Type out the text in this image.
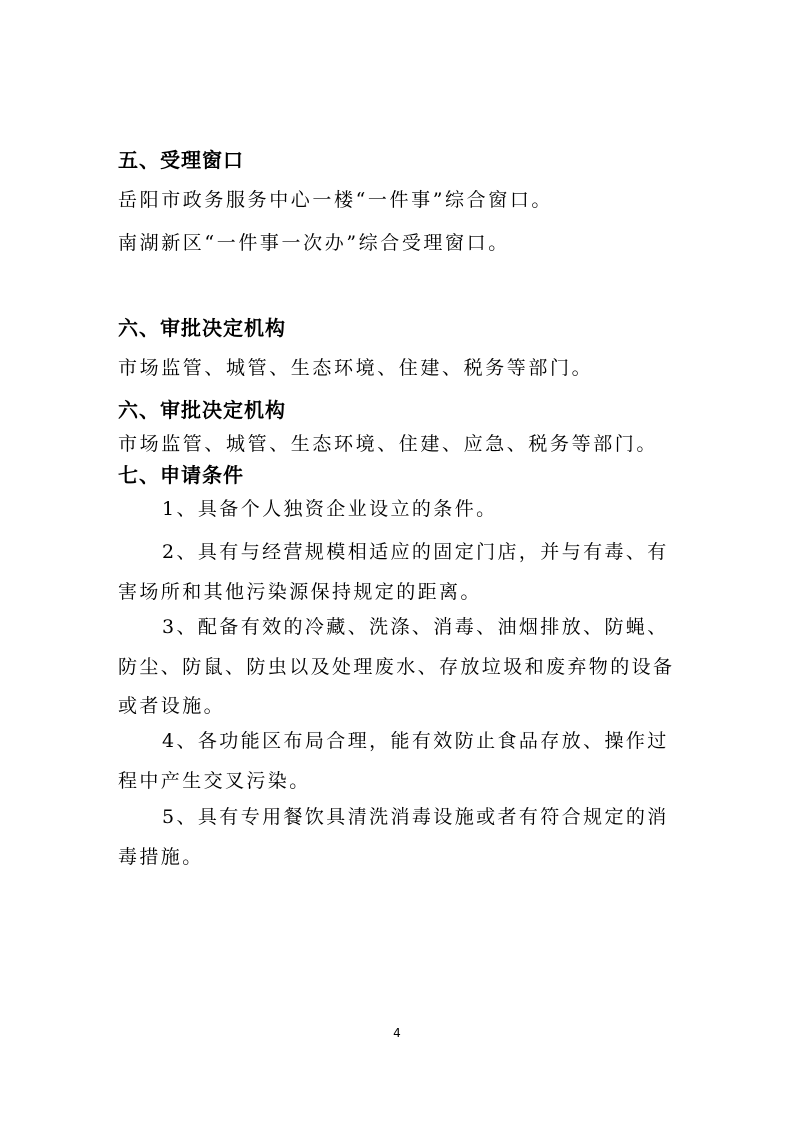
五、受理窗口
岳阳市政务服务中心一楼“一件事”综合窗口。
南湖新区“一件事一次办”综合受理窗口。
六、审批决定机构
市场监管、城管、生态环境、住建、税务等部门。
六、审批决定机构
市场监管、城管、生态环境、住建、应急、税务等部门。
七、申请条件
1、具备个人独资企业设立的条件。
2、具有与经营规模相适应的固定门店，并与有毒、有害场所和其他污染源保持规定的距离。
3、配备有效的冷藏、洗涤、消毒、油烟排放、防蝇、防尘、防鼠、防虫以及处理废水、存放垃圾和废弃物的设备或者设施。
4、各功能区布局合理，能有效防止食品存放、操作过程中产生交叉污染。
5、具有专用餐饮具清洗消毒设施或者有符合规定的消毒措施。
4
